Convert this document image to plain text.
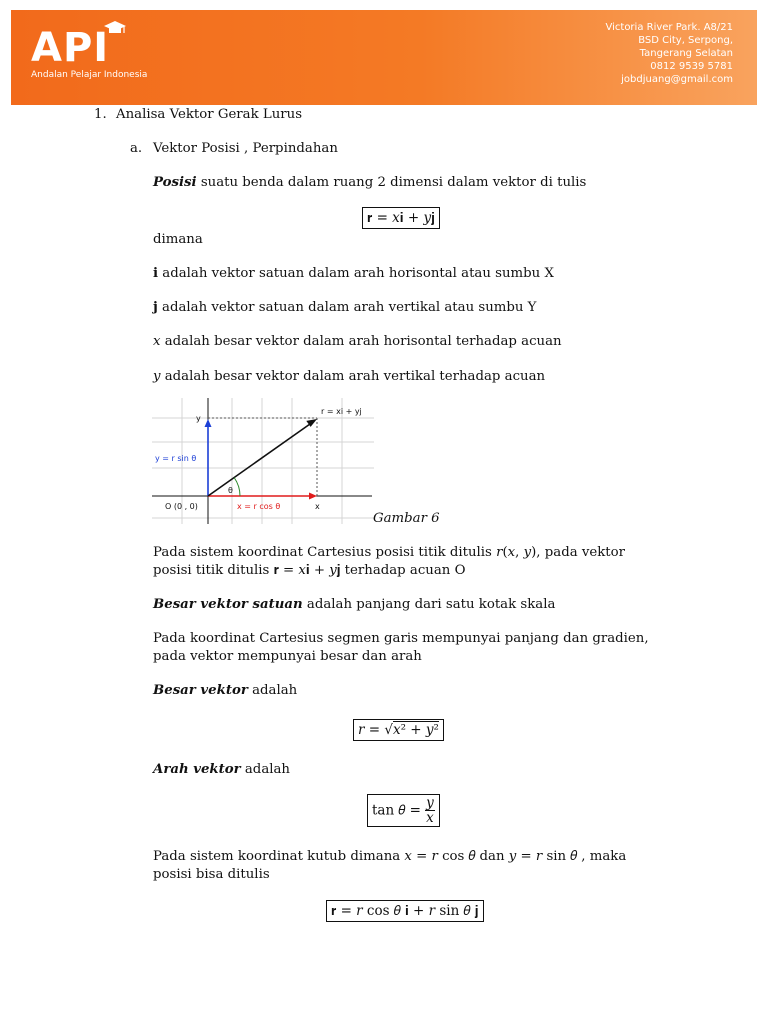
API
Andalan Pelajar Indonesia
Victoria River Park. A8/21
BSD City, Serpong,
Tangerang Selatan
0812 9539 5781
jobdjuang@gmail.com
1. Analisa Vektor Gerak Lurus
a. Vektor Posisi , Perpindahan
Posisi suatu benda dalam ruang 2 dimensi dalam vektor di tulis
𝐫 = 𝑥𝐢 + 𝑦𝐣
dimana
𝐢 adalah vektor satuan dalam arah horisontal atau sumbu X
𝐣 adalah vektor satuan dalam arah vertikal atau sumbu Y
𝑥 adalah besar vektor dalam arah horisontal terhadap acuan
𝑦 adalah besar vektor dalam arah vertikal terhadap acuan
r = xi + yj
y
y = r sin θ
θ
O (0 , 0)	x = r cos θ	x
Gambar 6
Pada sistem koordinat Cartesius posisi titik ditulis 𝑟(𝑥, 𝑦), pada vektor
posisi titik ditulis 𝐫 = 𝑥𝐢 + 𝑦𝐣 terhadap acuan O
Besar vektor satuan adalah panjang dari satu kotak skala
Pada koordinat Cartesius segmen garis mempunyai panjang dan gradien,
pada vektor mempunyai besar dan arah
Besar vektor adalah
𝑟 = √𝑥² + 𝑦²
Arah vektor adalah
tan 𝜃 = $\frac{\text{𝑦}}{\text{𝑥}}$
Pada sistem koordinat kutub dimana 𝑥 = 𝑟 cos 𝜃 dan 𝑦 = 𝑟 sin 𝜃 , maka
posisi bisa ditulis
𝐫 = 𝑟 cos 𝜃 𝐢 + 𝑟 sin 𝜃 𝐣
